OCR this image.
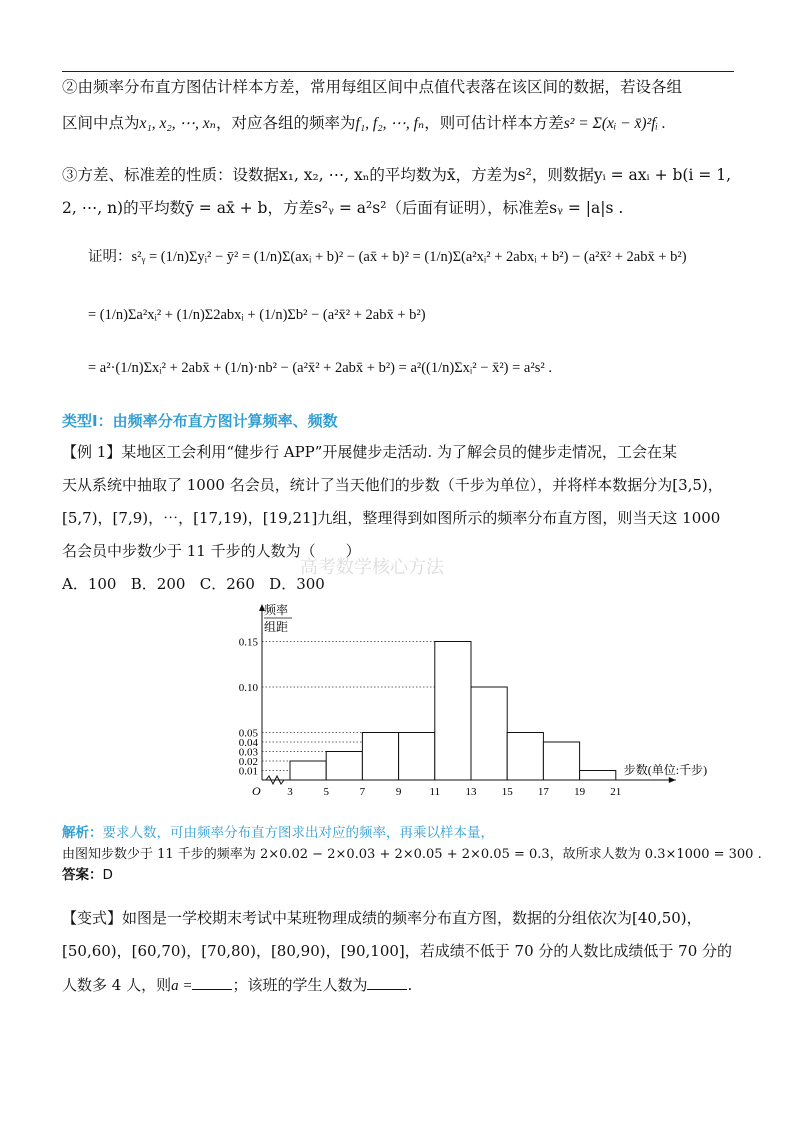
②由频率分布直方图估计样本方差，常用每组区间中点值代表落在该区间的数据，若设各组
区间中点为x₁, x₂, ⋯, xₙ，对应各组的频率为f₁, f₂, ⋯, fₙ，则可估计样本方差s² = Σ(xᵢ − x̄)²fᵢ .
③方差、标准差的性质：设数据x₁, x₂, ⋯, xₙ的平均数为x̄，方差为s²，则数据yᵢ = axᵢ + b(i = 1,
2, ⋯, n)的平均数ȳ = ax̄ + b，方差s²ᵧ = a²s²（后面有证明），标准差sᵧ = |a|s .
证明：s²ᵧ = (1/n)Σyᵢ² − ȳ² = (1/n)Σ(axᵢ + b)² − (ax̄ + b)² = (1/n)Σ(a²xᵢ² + 2abxᵢ + b²) − (a²x̄² + 2abx̄ + b²)
= (1/n)Σa²xᵢ² + (1/n)Σ2abxᵢ + (1/n)Σb² − (a²x̄² + 2abx̄ + b²)
= a²·(1/n)Σxᵢ² + 2abx̄ + (1/n)·nb² − (a²x̄² + 2abx̄ + b²) = a²((1/n)Σxᵢ² − x̄²) = a²s² .
类型Ⅰ：由频率分布直方图计算频率、频数
【例 1】某地区工会利用“健步行 APP”开展健步走活动. 为了解会员的健步走情况，工会在某
天从系统中抽取了 1000 名会员，统计了当天他们的步数（千步为单位），并将样本数据分为[3,5)，
[5,7)，[7,9)，⋯，[17,19)，[19,21]九组，整理得到如图所示的频率分布直方图，则当天这 1000
名会员中步数少于 11 千步的人数为（　　）
高考数学核心方法
A．100 B．200 C．260 D．300
0.01
0.02
0.03
0.04
0.05
0.10
0.15
3	5	7	9	11 13 15 17 19 21
O
步数(单位:千步)
频率
组距
解析：要求人数，可由频率分布直方图求出对应的频率，再乘以样本量，
由图知步数少于 11 千步的频率为 2×0.02 − 2×0.03 + 2×0.05 + 2×0.05 = 0.3，故所求人数为 0.3×1000 = 300 .
答案：D
【变式】如图是一学校期末考试中某班物理成绩的频率分布直方图，数据的分组依次为[40,50)，
[50,60)，[60,70)，[70,80)，[80,90)，[90,100]，若成绩不低于 70 分的人数比成绩低于 70 分的
人数多 4 人，则a =	；该班的学生人数为	.
